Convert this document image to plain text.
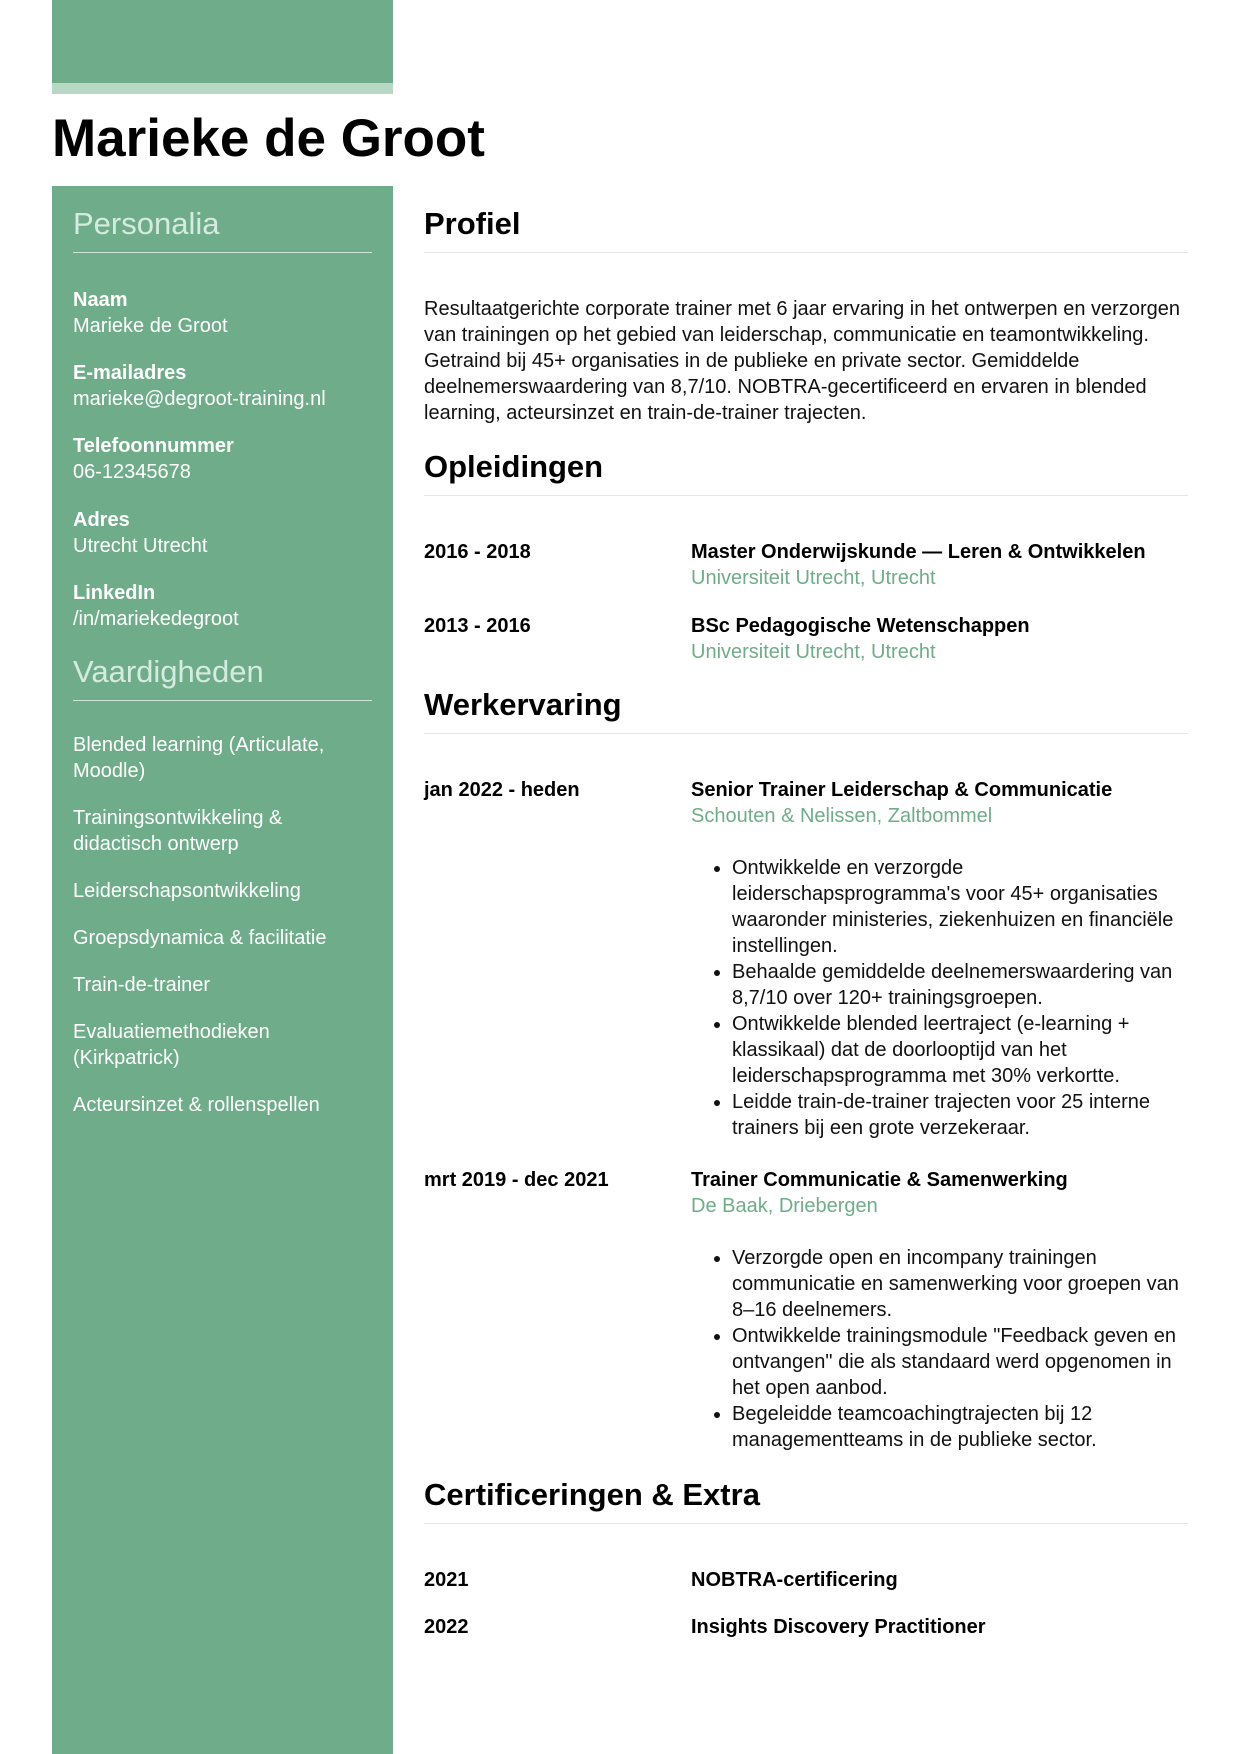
Marieke de Groot
Personalia
Naam
Marieke de Groot
E-mailadres
marieke@degroot-training.nl
Telefoonnummer
06-12345678
Adres
Utrecht Utrecht
LinkedIn
/in/mariekedegroot
Vaardigheden
Blended learning (Articulate, Moodle)
Trainingsontwikkeling & didactisch ontwerp
Leiderschapsontwikkeling
Groepsdynamica & facilitatie
Train-de-trainer
Evaluatiemethodieken (Kirkpatrick)
Acteursinzet & rollenspellen
Profiel

Resultaatgerichte corporate trainer met 6 jaar ervaring in het ontwerpen en verzorgen van trainingen op het gebied van leiderschap, communicatie en teamontwikkeling. Getraind bij 45+ organisaties in de publieke en private sector. Gemiddelde deelnemerswaardering van 8,7/10. NOBTRA-gecertificeerd en ervaren in blended learning, acteursinzet en train-de-trainer trajecten.

Opleidingen
2016 - 2018	Master Onderwijskunde — Leren & Ontwikkelen
Universiteit Utrecht, Utrecht
2013 - 2016	BSc Pedagogische Wetenschappen
Universiteit Utrecht, Utrecht
Werkervaring
jan 2022 - heden	Senior Trainer Leiderschap & Communicatie
Schouten & Nelissen, Zaltbommel
• Ontwikkelde en verzorgde leiderschapsprogramma's voor 45+ organisaties waaronder ministeries, ziekenhuizen en financiële instellingen.
• Behaalde gemiddelde deelnemerswaardering van 8,7/10 over 120+ trainingsgroepen.
• Ontwikkelde blended leertraject (e-learning + klassikaal) dat de doorlooptijd van het leiderschapsprogramma met 30% verkortte.
• Leidde train-de-trainer trajecten voor 25 interne trainers bij een grote verzekeraar.
mrt 2019 - dec 2021	Trainer Communicatie & Samenwerking
De Baak, Driebergen
• Verzorgde open en incompany trainingen communicatie en samenwerking voor groepen van 8–16 deelnemers.
• Ontwikkelde trainingsmodule "Feedback geven en ontvangen" die als standaard werd opgenomen in het open aanbod.
• Begeleidde teamcoachingtrajecten bij 12 managementteams in de publieke sector.
Certificeringen & Extra
2021	NOBTRA-certificering
2022	Insights Discovery Practitioner
